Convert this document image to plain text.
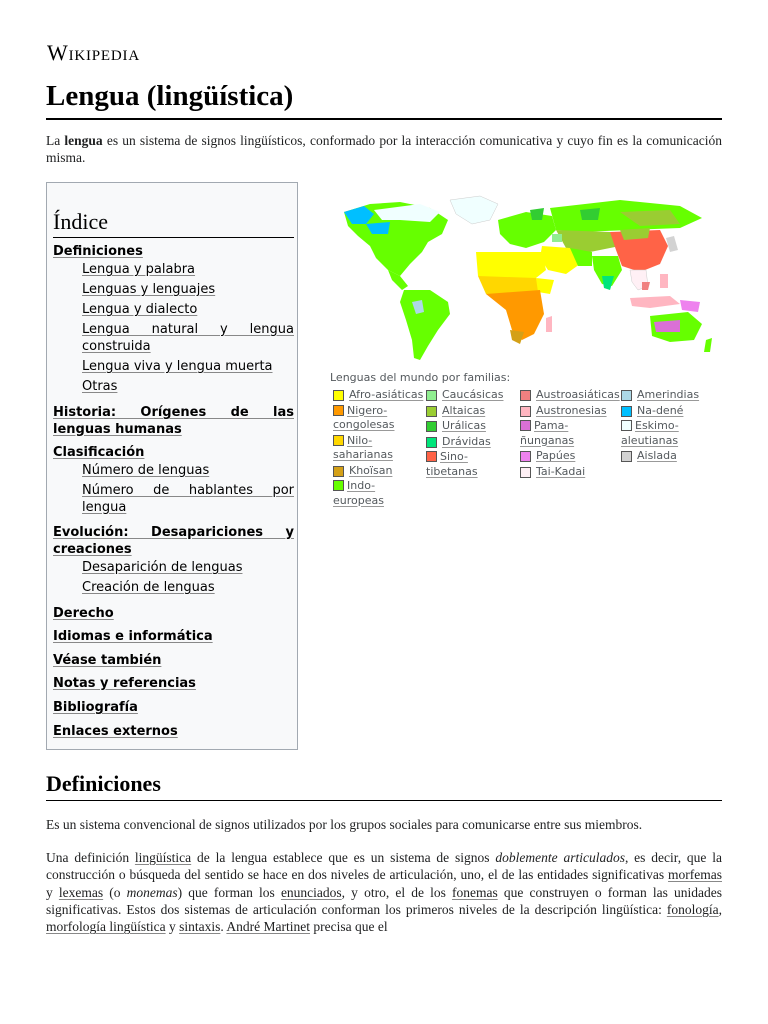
Wikipedia
Lengua (lingüística)

La lengua es un sistema de signos lingüísticos, conformado por la interacción comunicativa y cuyo fin es la comunicación misma.

Índice
Definiciones
Lengua y palabra
Lenguas y lenguajes
Lengua y dialecto
Lengua natural y lengua construida
Lengua viva y lengua muerta
Otras
Historia: Orígenes de las lenguas humanas
Clasificación
Número de lenguas
Número de hablantes por lengua
Evolución: Desapariciones y creaciones
Desaparición de lenguas
Creación de lenguas
Derecho
Idiomas e informática
Véase también
Notas y referencias
Bibliografía
Enlaces externos
Lenguas del mundo por familias:
Afro-asiáticas
Nigero-congolesas
Nilo-saharianas
Khoïsan
Indo-europeas
Caucásicas
Altaicas
Urálicas
Drávidas
Sino-tibetanas
Austroasiáticas
Austronesias
Pama-ñunganas
Papúes
Tai-Kadai
Amerindias
Na-dené
Eskimo-aleutianas
Aislada
Definiciones

Es un sistema convencional de signos utilizados por los grupos sociales para comunicarse entre sus miembros.

Una definición lingüística de la lengua establece que es un sistema de signos doblemente articulados, es decir, que la construcción o búsqueda del sentido se hace en dos niveles de articulación, uno, el de las entidades significativas morfemas y lexemas (o monemas) que forman los enunciados, y otro, el de los fonemas que construyen o forman las unidades significativas. Estos dos sistemas de articulación conforman los primeros niveles de la descripción lingüística: fonología, morfología lingüística y sintaxis. André Martinet precisa que el
